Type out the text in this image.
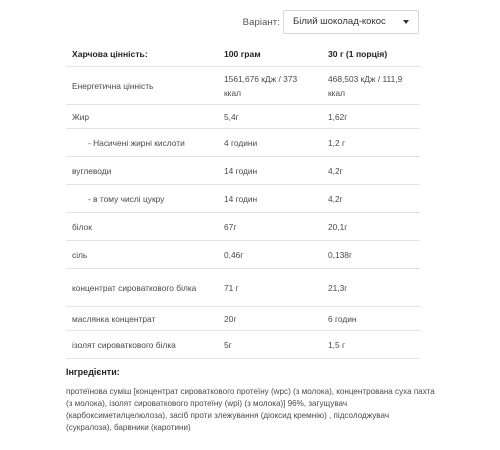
Варіант:	Білий шоколад-кокос
Харчова цінність:	100 грам	30 г (1 порція)
Енергетична цінність	1561,676 кДж / 373 ккал	468,503 кДж / 111,9 ккал
Жир	5,4г	1,62г
- Насичені жирні кислоти	4 години	1,2 г
вуглеводи	14 годин	4,2г
- в тому числі цукру	14 годин	4,2г
білок	67г	20,1г
сіль	0,46г	0,138г
концентрат сироваткового білка	71 г	21,3г
маслянка концентрат	20г	6 годин
ізолят сироваткового білка	5г	1,5 г
Інгредієнти:
протеїнова суміш [концентрат сироваткового протеїну (wpc) (з молока), концентрована суха пахта (з молока), ізолят сироваткового протеїну (wpi) (з молока)] 96%, загущувач (карбоксиметилцелюлоза), засіб проти злежування (діоксид кремнію) , підсолоджувач (сукралоза), барвники (каротини)
